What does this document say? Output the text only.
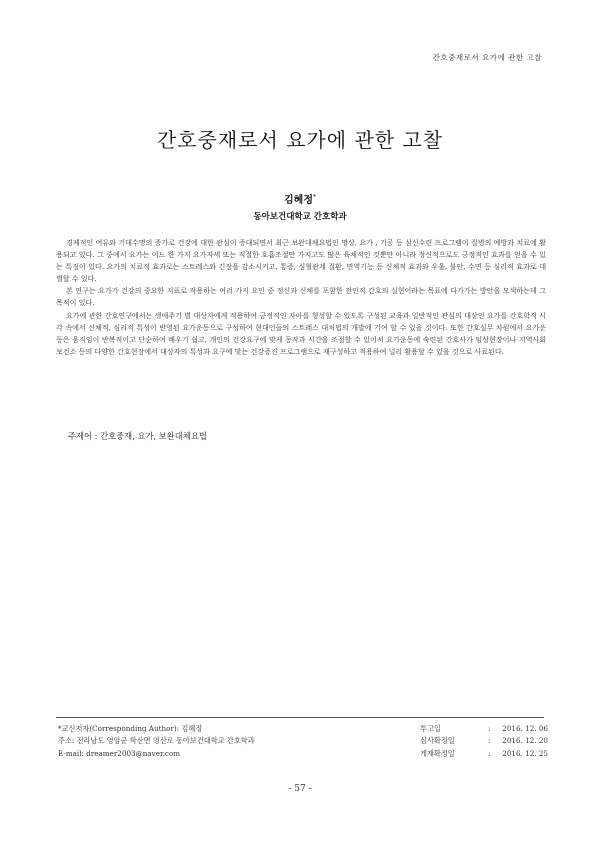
간호중재로서 요가에 관한 고찰
간호중재로서 요가에 관한 고찰
김혜정*
동아보건대학교 간호학과

경제적인 여유와 기대수명의 증가로 건강에 대한 관심이 증대되면서 최근 보완대체요법인 명상, 요가 , 기공 등 심신수련 프로그램이 질병의 예방과 치료에 활용되고 있다. 그 중에서 요가는 어느 한 가지 요가자세 또는 적절한 호흡조절만 가지고도 많은 육체적인 것뿐만 아니라 정신적으로도 긍정적인 효과를 얻을 수 있는 특징이 있다. 요가의 치료적 효과로는 스트레스와 긴장을 감소시키고, 통증, 심혈관계 질환, 면역기능 등 신체적 효과와 우울, 불안, 수면 등 심리적 효과로 대별할 수 있다.

본 연구는 요가가 건강의 중요한 지표로 작용하는 여러 가지 요인 중 정신과 신체를 포함한 전인적 간호의 실현이라는 목표에 다가가는 방안을 모색하는데 그 목적이 있다.

요가에 관한 간호연구에서는 생애주기 별 대상자에게 적용하여 긍정적인 자아를 형성할 수 있도록 구성된 교육과 일반적인 관심의 대상인 요가를 간호학적 시각 속에서 신체적, 심리적 특성이 반영된 요가운동으로 구성하여 현대인들의 스트레스 대처법의 개발에 기여 할 수 있을 것이다. 또한 간호실무 차원에서 요가운동은 움직임이 반복적이고 단순하여 배우기 쉽고, 개인의 건강요구에 맞게 동작과 시간을 조절할 수 있어서 요가운동에 숙련된 간호사가 임상현장이나 지역사회 보건소 등의 다양한 간호현장에서 대상자의 특성과 요구에 맞는 건강증진 프로그램으로 재구성하고 적용하여 널리 활용할 수 있을 것으로 사료된다.

주제어 : 간호중재, 요가, 보완대체요법
*교신저자(Corresponding Author): 김혜정
주소: 전라남도 영암군 학산면 영산로 동아보건대학교 간호학과
E-mail: dreamer2003@naver.com
투고일	:	2016. 12. 06
심사확정일	:	2016. 12. 20
게재확정일	:	2016. 12. 25
- 57 -
